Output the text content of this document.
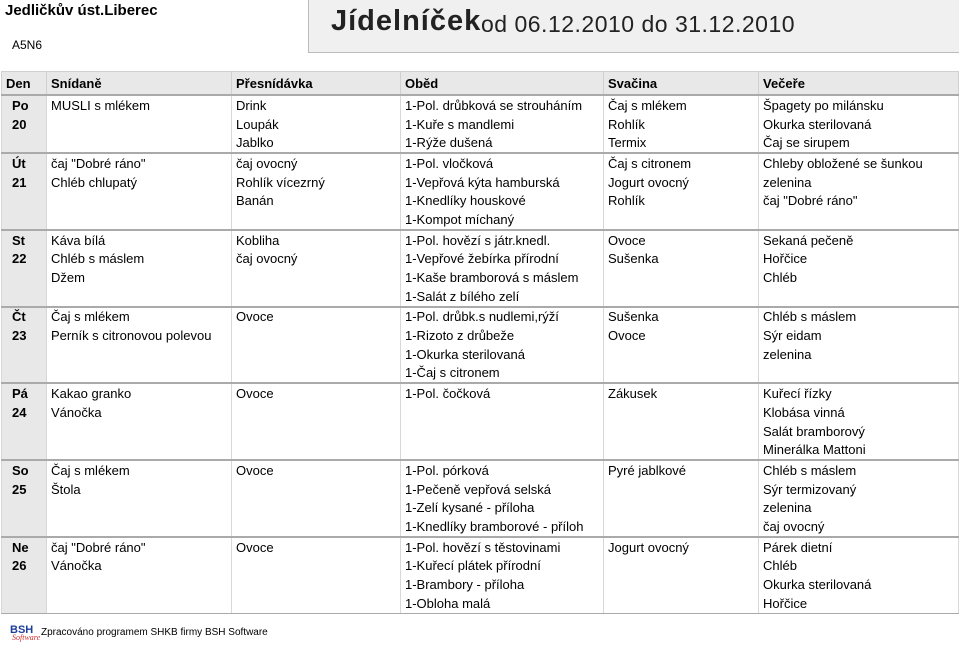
Jedličkův úst.Liberec
A5N6
Jídelníček od 06.12.2010 do 31.12.2010
Den	Snídaně	Přesnídávka	Oběd	Svačina	Večeře
Po	MUSLI s mlékem	Drink	1-Pol. drůbková se strouháním	Čaj s mlékem	Špagety po milánsku
20		Loupák	1-Kuře s mandlemi	Rohlík	Okurka sterilovaná
		Jablko	1-Rýže dušená	Termix	Čaj se sirupem
Út	čaj "Dobré ráno"	čaj ovocný	1-Pol. vločková	Čaj s citronem	Chleby obložené se šunkou
21	Chléb chlupatý	Rohlík vícezrný	1-Vepřová kýta hamburská	Jogurt ovocný	zelenina
		Banán	1-Knedlíky houskové	Rohlík	čaj "Dobré ráno"
			1-Kompot míchaný		
St	Káva bílá	Kobliha	1-Pol. hovězí s játr.knedl.	Ovoce	Sekaná pečeně
22	Chléb s máslem	čaj ovocný	1-Vepřové žebírka přírodní	Sušenka	Hořčice
	Džem		1-Kaše bramborová s máslem		Chléb
			1-Salát z bílého zelí		
Čt	Čaj s mlékem	Ovoce	1-Pol. drůbk.s nudlemi,rýží	Sušenka	Chléb s máslem
23	Perník s citronovou polevou		1-Rizoto z drůbeže	Ovoce	Sýr eidam
			1-Okurka sterilovaná		zelenina
			1-Čaj s citronem		
Pá	Kakao granko	Ovoce	1-Pol. čočková	Zákusek	Kuřecí řízky
24	Vánočka				Klobása vinná
					Salát bramborový
					Minerálka Mattoni
So	Čaj s mlékem	Ovoce	1-Pol. pórková	Pyré jablkové	Chléb s máslem
25	Štola		1-Pečeně vepřová selská		Sýr termizovaný
			1-Zelí kysané - příloha		zelenina
			1-Knedlíky bramborové - příloh		čaj ovocný
Ne	čaj "Dobré ráno"	Ovoce	1-Pol. hovězí s těstovinami	Jogurt ovocný	Párek dietní
26	Vánočka		1-Kuřecí plátek přírodní		Chléb
			1-Brambory - příloha		Okurka sterilovaná
			1-Obloha malá		Hořčice
BSH
Software Zpracováno programem SHKB firmy BSH Software
